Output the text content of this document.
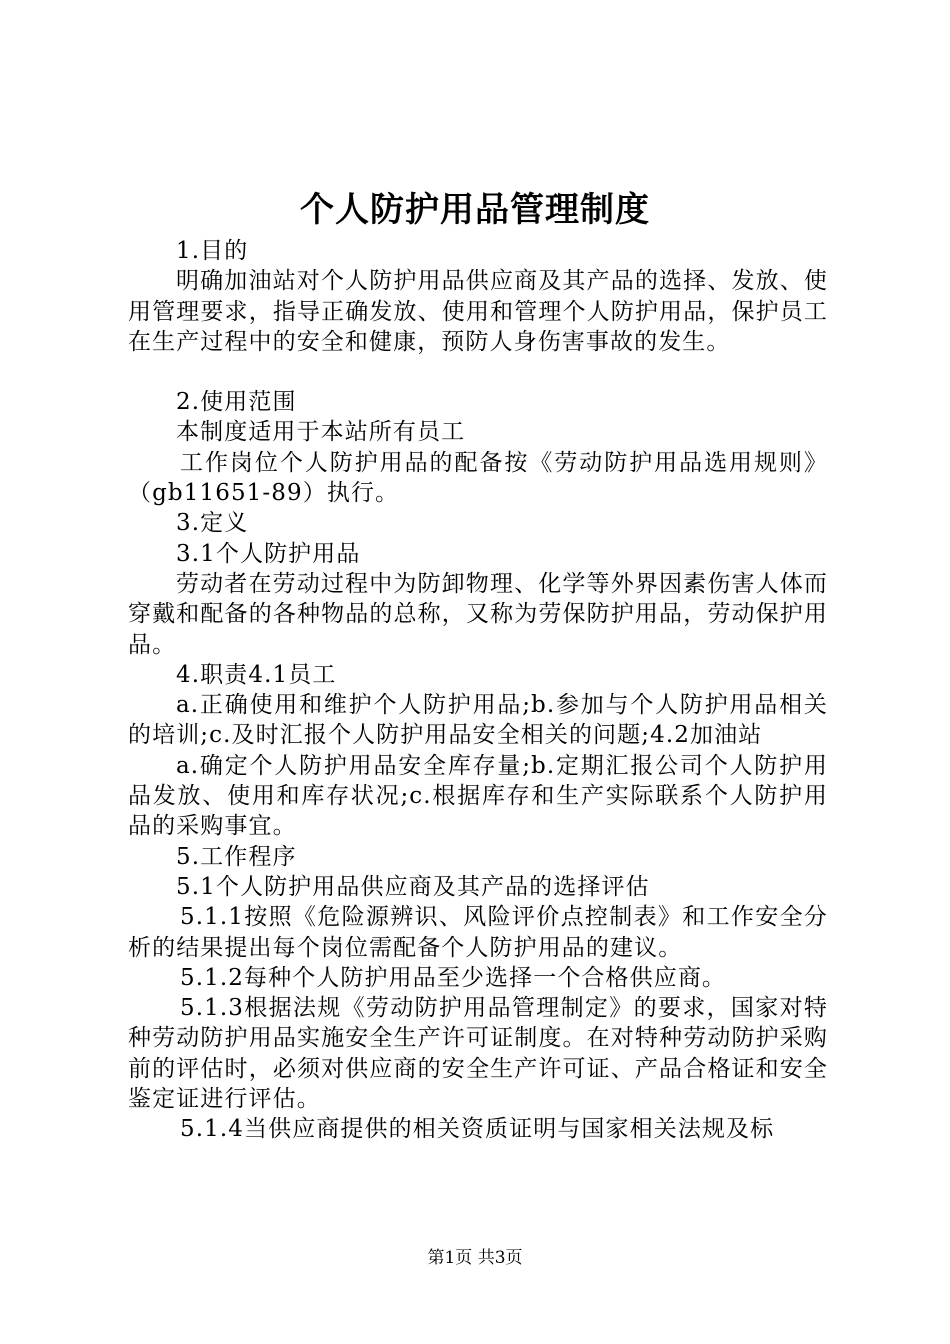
个人防护用品管理制度

1.目的

明确加油站对个人防护用品供应商及其产品的选择、发放、使用管理要求，指导正确发放、使用和管理个人防护用品，保护员工在生产过程中的安全和健康，预防人身伤害事故的发生。

2.使用范围

本制度适用于本站所有员工

工作岗位个人防护用品的配备按《劳动防护用品选用规则》（gb11651-89）执行。

3.定义

3.1个人防护用品

劳动者在劳动过程中为防卸物理、化学等外界因素伤害人体而穿戴和配备的各种物品的总称，又称为劳保防护用品，劳动保护用品。

4.职责4.1员工

a.正确使用和维护个人防护用品;b.参加与个人防护用品相关的培训;c.及时汇报个人防护用品安全相关的问题;4.2加油站

a.确定个人防护用品安全库存量;b.定期汇报公司个人防护用品发放、使用和库存状况;c.根据库存和生产实际联系个人防护用品的采购事宜。

5.工作程序

5.1个人防护用品供应商及其产品的选择评估

5.1.1按照《危险源辨识、风险评价点控制表》和工作安全分析的结果提出每个岗位需配备个人防护用品的建议。

5.1.2每种个人防护用品至少选择一个合格供应商。

5.1.3根据法规《劳动防护用品管理制定》的要求，国家对特种劳动防护用品实施安全生产许可证制度。在对特种劳动防护采购前的评估时，必须对供应商的安全生产许可证、产品合格证和安全鉴定证进行评估。

5.1.4当供应商提供的相关资质证明与国家相关法规及标

第1页 共3页
